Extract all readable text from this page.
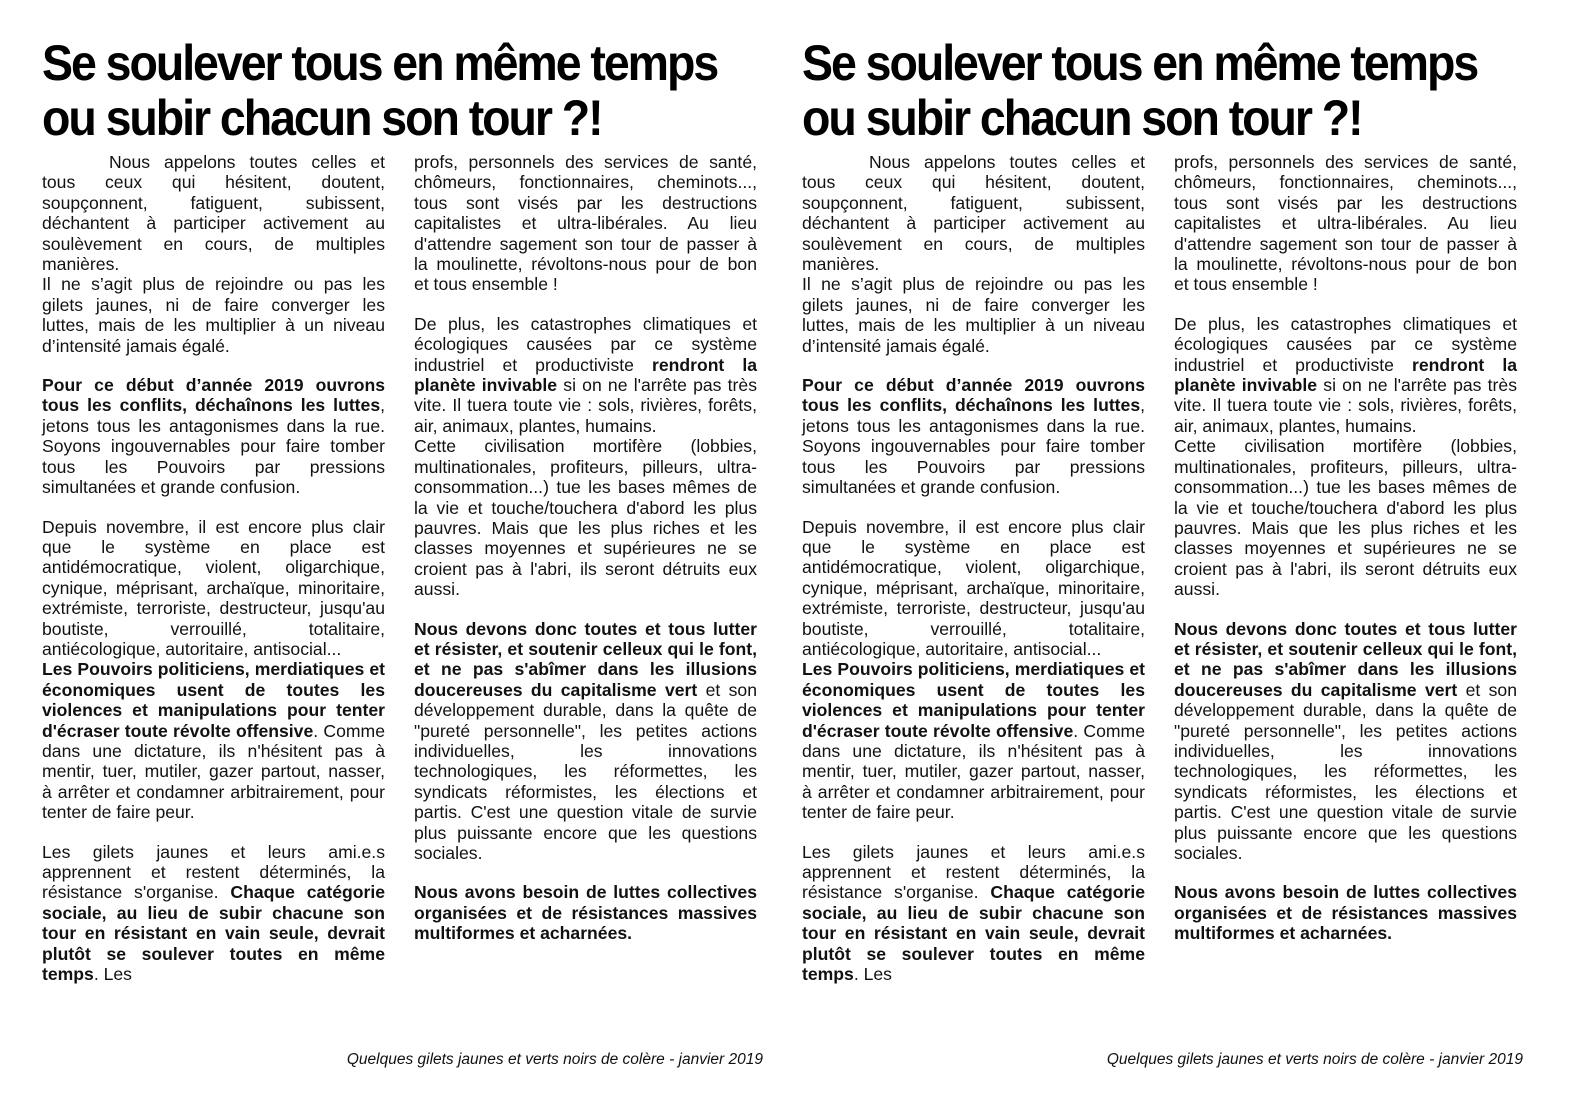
Se soulever tous en même temps
ou subir chacun son tour ?!

Nous appelons toutes celles et tous ceux qui hésitent, doutent, soupçonnent, fatiguent, subissent, déchantent à participer activement au soulèvement en cours, de multiples manières.

Il ne s’agit plus de rejoindre ou pas les gilets jaunes, ni de faire converger les luttes, mais de les multiplier à un niveau d’intensité jamais égalé.

Pour ce début d’année 2019 ouvrons tous les conflits, déchaînons les luttes, jetons tous les antagonismes dans la rue. Soyons ingouvernables pour faire tomber tous les Pouvoirs par pressions simultanées et grande confusion.

Depuis novembre, il est encore plus clair que le système en place est antidémocratique, violent, oligarchique, cynique, méprisant, archaïque, minoritaire, extrémiste, terroriste, destructeur, jusqu'au boutiste, verrouillé, totalitaire, antiécologique, autoritaire, antisocial...

Les Pouvoirs politiciens, merdiatiques et économiques usent de toutes les violences et manipulations pour tenter d'écraser toute révolte offensive. Comme dans une dictature, ils n'hésitent pas à mentir, tuer, mutiler, gazer partout, nasser, à arrêter et condamner arbitrairement, pour tenter de faire peur.

Les gilets jaunes et leurs ami.e.s apprennent et restent déterminés, la résistance s'organise. Chaque catégorie sociale, au lieu de subir chacune son tour en résistant en vain seule, devrait plutôt se soulever toutes en même temps. Les

profs, personnels des services de santé, chômeurs, fonctionnaires, cheminots..., tous sont visés par les destructions capitalistes et ultra-libérales. Au lieu d'attendre sagement son tour de passer à la moulinette, révoltons-nous pour de bon et tous ensemble !

De plus, les catastrophes climatiques et écologiques causées par ce système industriel et productiviste rendront la planète invivable si on ne l'arrête pas très vite. Il tuera toute vie : sols, rivières, forêts, air, animaux, plantes, humains.

Cette civilisation mortifère (lobbies, multinationales, profiteurs, pilleurs, ultra-consommation...) tue les bases mêmes de la vie et touche/touchera d'abord les plus pauvres. Mais que les plus riches et les classes moyennes et supérieures ne se croient pas à l'abri, ils seront détruits eux aussi.

Nous devons donc toutes et tous lutter et résister, et soutenir celleux qui le font, et ne pas s'abîmer dans les illusions doucereuses du capitalisme vert et son développement durable, dans la quête de "pureté personnelle", les petites actions individuelles, les innovations technologiques, les réformettes, les syndicats réformistes, les élections et partis. C'est une question vitale de survie plus puissante encore que les questions sociales.

Nous avons besoin de luttes collectives organisées et de résistances massives multiformes et acharnées.

Quelques gilets jaunes et verts noirs de colère - janvier 2019
Se soulever tous en même temps
ou subir chacun son tour ?!

Nous appelons toutes celles et tous ceux qui hésitent, doutent, soupçonnent, fatiguent, subissent, déchantent à participer activement au soulèvement en cours, de multiples manières.

Il ne s’agit plus de rejoindre ou pas les gilets jaunes, ni de faire converger les luttes, mais de les multiplier à un niveau d’intensité jamais égalé.

Pour ce début d’année 2019 ouvrons tous les conflits, déchaînons les luttes, jetons tous les antagonismes dans la rue. Soyons ingouvernables pour faire tomber tous les Pouvoirs par pressions simultanées et grande confusion.

Depuis novembre, il est encore plus clair que le système en place est antidémocratique, violent, oligarchique, cynique, méprisant, archaïque, minoritaire, extrémiste, terroriste, destructeur, jusqu'au boutiste, verrouillé, totalitaire, antiécologique, autoritaire, antisocial...

Les Pouvoirs politiciens, merdiatiques et économiques usent de toutes les violences et manipulations pour tenter d'écraser toute révolte offensive. Comme dans une dictature, ils n'hésitent pas à mentir, tuer, mutiler, gazer partout, nasser, à arrêter et condamner arbitrairement, pour tenter de faire peur.

Les gilets jaunes et leurs ami.e.s apprennent et restent déterminés, la résistance s'organise. Chaque catégorie sociale, au lieu de subir chacune son tour en résistant en vain seule, devrait plutôt se soulever toutes en même temps. Les

profs, personnels des services de santé, chômeurs, fonctionnaires, cheminots..., tous sont visés par les destructions capitalistes et ultra-libérales. Au lieu d'attendre sagement son tour de passer à la moulinette, révoltons-nous pour de bon et tous ensemble !

De plus, les catastrophes climatiques et écologiques causées par ce système industriel et productiviste rendront la planète invivable si on ne l'arrête pas très vite. Il tuera toute vie : sols, rivières, forêts, air, animaux, plantes, humains.

Cette civilisation mortifère (lobbies, multinationales, profiteurs, pilleurs, ultra-consommation...) tue les bases mêmes de la vie et touche/touchera d'abord les plus pauvres. Mais que les plus riches et les classes moyennes et supérieures ne se croient pas à l'abri, ils seront détruits eux aussi.

Nous devons donc toutes et tous lutter et résister, et soutenir celleux qui le font, et ne pas s'abîmer dans les illusions doucereuses du capitalisme vert et son développement durable, dans la quête de "pureté personnelle", les petites actions individuelles, les innovations technologiques, les réformettes, les syndicats réformistes, les élections et partis. C'est une question vitale de survie plus puissante encore que les questions sociales.

Nous avons besoin de luttes collectives organisées et de résistances massives multiformes et acharnées.

Quelques gilets jaunes et verts noirs de colère - janvier 2019
